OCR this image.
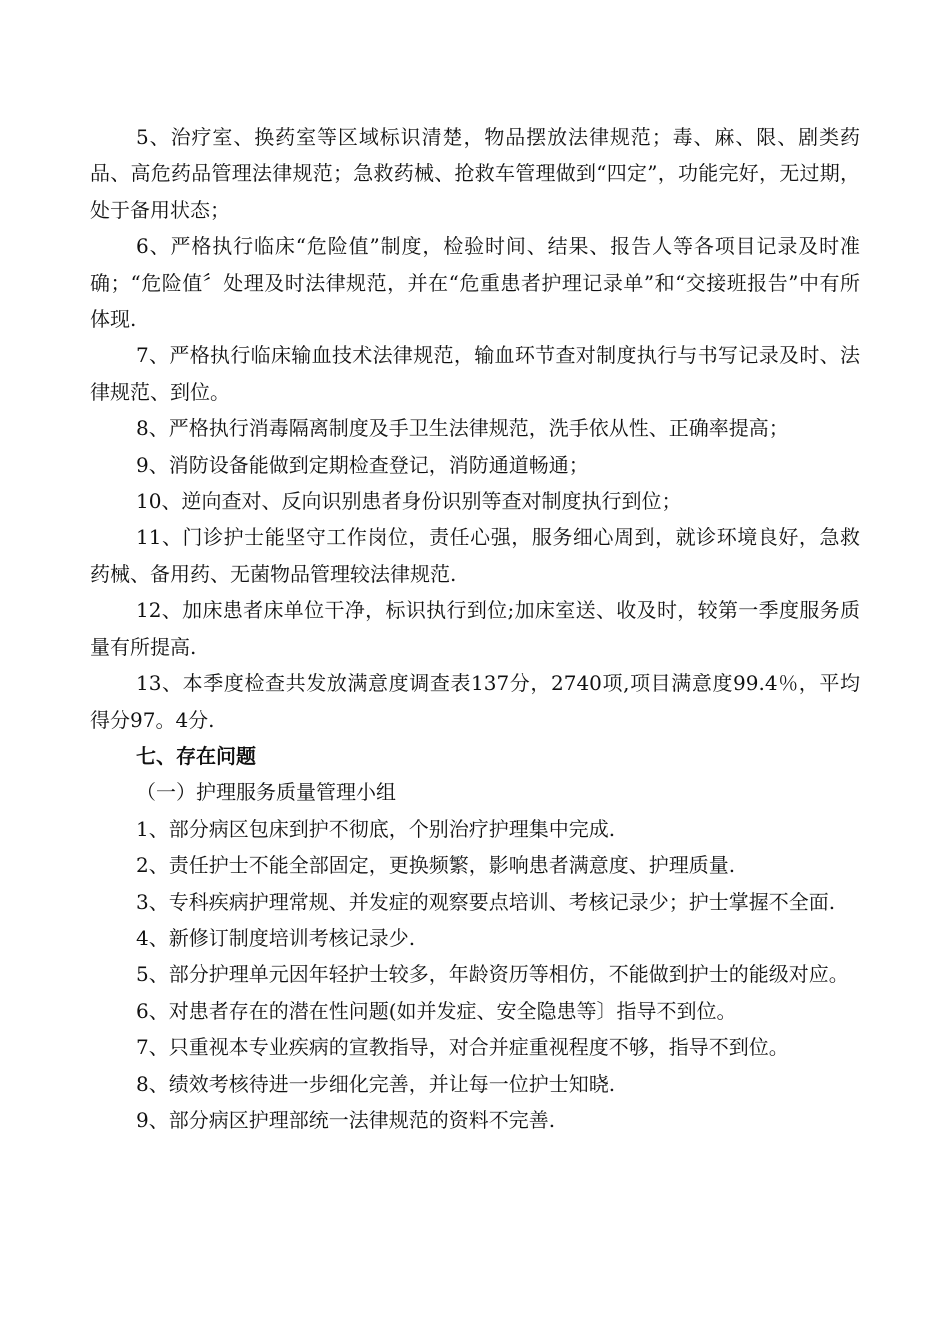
5、治疗室、换药室等区域标识清楚，物品摆放法律规范；毒、麻、限、剧类药品、高危药品管理法律规范；急救药械、抢救车管理做到“四定”，功能完好，无过期，处于备用状态；

6、严格执行临床“危险值”制度，检验时间、结果、报告人等各项目记录及时准确；“危险值〞处理及时法律规范，并在“危重患者护理记录单”和“交接班报告”中有所体现.

7、严格执行临床输血技术法律规范，输血环节查对制度执行与书写记录及时、法律规范、到位。

8、严格执行消毒隔离制度及手卫生法律规范，洗手依从性、正确率提高；

9、消防设备能做到定期检查登记，消防通道畅通；

10、逆向查对、反向识别患者身份识别等查对制度执行到位；

11、门诊护士能坚守工作岗位，责任心强，服务细心周到，就诊环境良好，急救药械、备用药、无菌物品管理较法律规范.

12、加床患者床单位干净，标识执行到位;加床室送、收及时，较第一季度服务质量有所提高.

13、本季度检查共发放满意度调查表137分，2740项,项目满意度99.4％，平均得分97。4分.

七、存在问题

（一）护理服务质量管理小组

1、部分病区包床到护不彻底，个别治疗护理集中完成.

2、责任护士不能全部固定，更换频繁，影响患者满意度、护理质量.

3、专科疾病护理常规、并发症的观察要点培训、考核记录少；护士掌握不全面.

4、新修订制度培训考核记录少.

5、部分护理单元因年轻护士较多，年龄资历等相仿，不能做到护士的能级对应。

6、对患者存在的潜在性问题(如并发症、安全隐患等〕指导不到位。

7、只重视本专业疾病的宣教指导，对合并症重视程度不够，指导不到位。

8、绩效考核待进一步细化完善，并让每一位护士知晓.

9、部分病区护理部统一法律规范的资料不完善.
